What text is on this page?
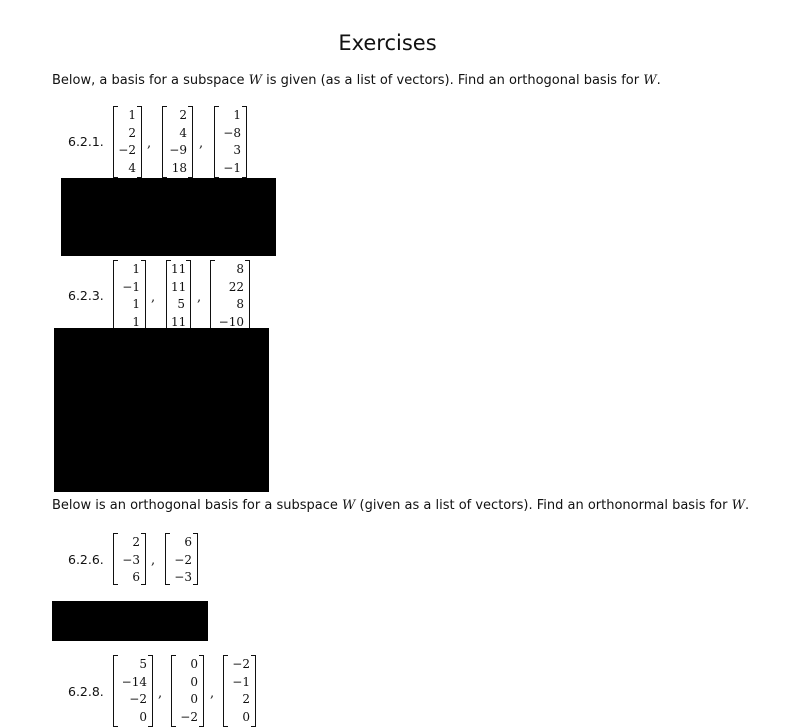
Exercises
Below, a basis for a subspace W is given (as a list of vectors). Find an orthogonal basis for W.
6.2.1.
1
2
−2
4
,
2
4
−9
18
,
1
−8
3
−1
6.2.3.
1
−1
1
1
,
11
11
5
11
,
8
22
8
−10
Below is an orthogonal basis for a subspace W (given as a list of vectors). Find an orthonormal basis for W.
6.2.6.
2
−3
6
,
6
−2
−3
6.2.8.
5
−14
−2
0
,
0
0
0
−2
,
−2
−1
2
0
